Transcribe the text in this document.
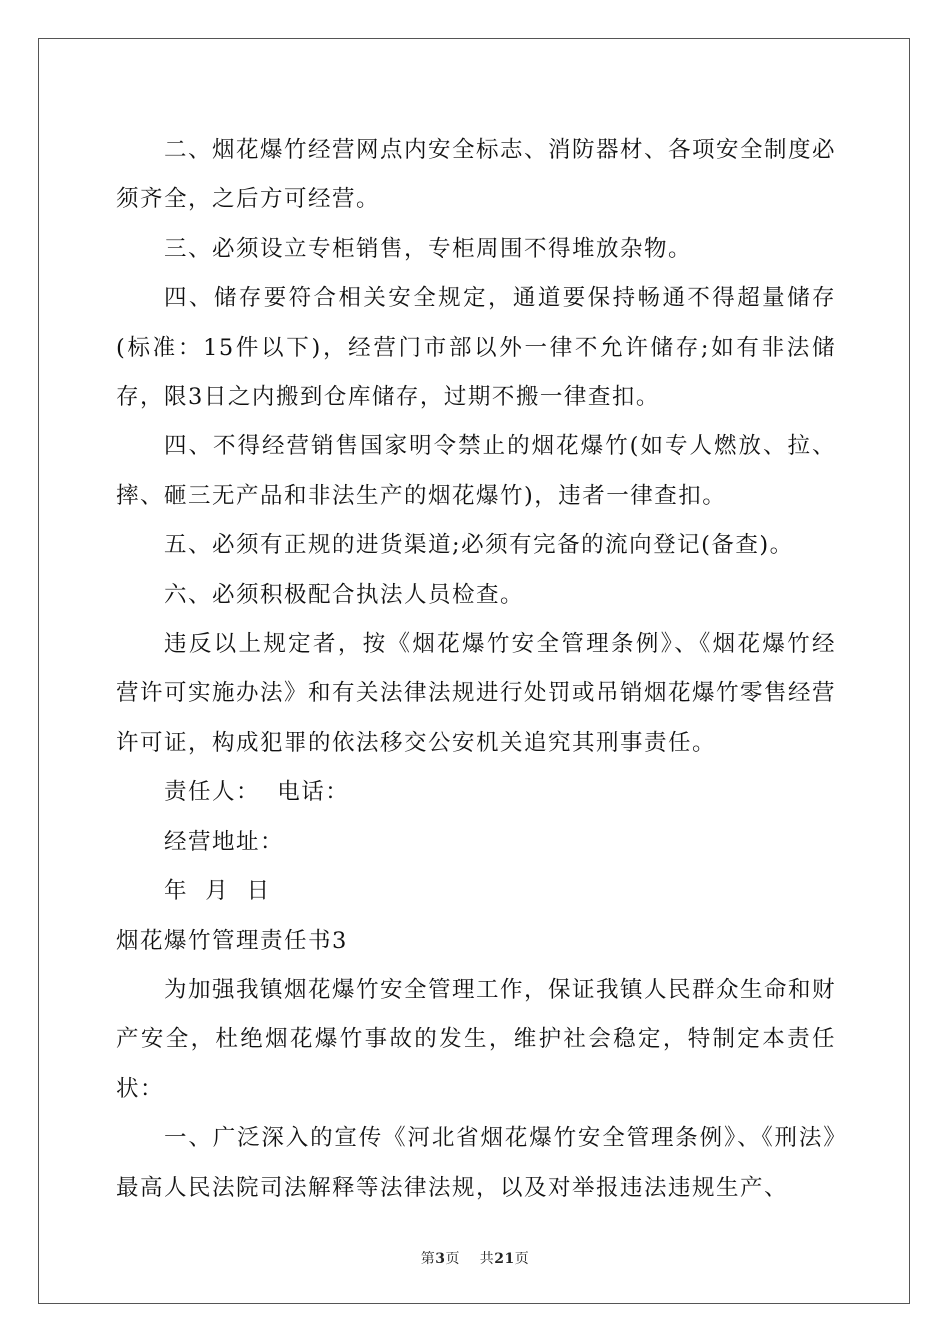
二、烟花爆竹经营网点内安全标志、消防器材、各项安全制度必须齐全，之后方可经营。

三、必须设立专柜销售，专柜周围不得堆放杂物。

四、储存要符合相关安全规定，通道要保持畅通不得超量储存(标准：15件以下)，经营门市部以外一律不允许储存;如有非法储存，限3日之内搬到仓库储存，过期不搬一律查扣。

四、不得经营销售国家明令禁止的烟花爆竹(如专人燃放、拉、摔、砸三无产品和非法生产的烟花爆竹)，违者一律查扣。

五、必须有正规的进货渠道;必须有完备的流向登记(备查)。

六、必须积极配合执法人员检查。

违反以上规定者，按《烟花爆竹安全管理条例》、《烟花爆竹经营许可实施办法》和有关法律法规进行处罚或吊销烟花爆竹零售经营许可证，构成犯罪的依法移交公安机关追究其刑事责任。

责任人：  电话：

经营地址：

年  月  日

烟花爆竹管理责任书3

为加强我镇烟花爆竹安全管理工作，保证我镇人民群众生命和财产安全，杜绝烟花爆竹事故的发生，维护社会稳定，特制定本责任状：

一、广泛深入的宣传《河北省烟花爆竹安全管理条例》、《刑法》最高人民法院司法解释等法律法规，以及对举报违法违规生产、

第3页 共21页
